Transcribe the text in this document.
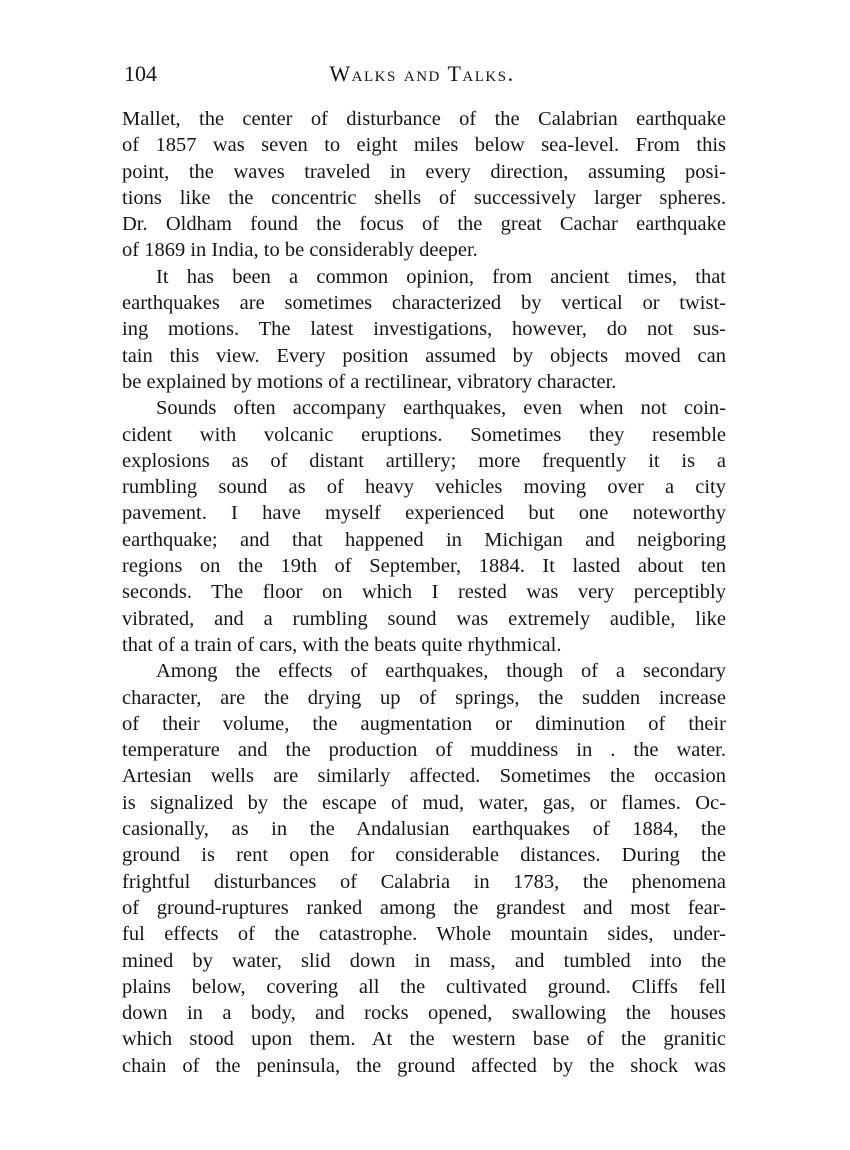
104	Walks and Talks.
Mallet, the center of disturbance of the Calabrian earthquake
of 1857 was seven to eight miles below sea-level. From this
point, the waves traveled in every direction, assuming posi-
tions like the concentric shells of successively larger spheres.
Dr. Oldham found the focus of the great Cachar earthquake
of 1869 in India, to be considerably deeper.
It has been a common opinion, from ancient times, that
earthquakes are sometimes characterized by vertical or twist-
ing motions. The latest investigations, however, do not sus-
tain this view. Every position assumed by objects moved can
be explained by motions of a rectilinear, vibratory character.
Sounds often accompany earthquakes, even when not coin-
cident with volcanic eruptions. Sometimes they resemble
explosions as of distant artillery; more frequently it is a
rumbling sound as of heavy vehicles moving over a city
pavement. I have myself experienced but one noteworthy
earthquake; and that happened in Michigan and neigboring
regions on the 19th of September, 1884. It lasted about ten
seconds. The floor on which I rested was very perceptibly
vibrated, and a rumbling sound was extremely audible, like
that of a train of cars, with the beats quite rhythmical.
Among the effects of earthquakes, though of a secondary
character, are the drying up of springs, the sudden increase
of their volume, the augmentation or diminution of their
temperature and the production of muddiness in . the water.
Artesian wells are similarly affected. Sometimes the occasion
is signalized by the escape of mud, water, gas, or flames. Oc-
casionally, as in the Andalusian earthquakes of 1884, the
ground is rent open for considerable distances. During the
frightful disturbances of Calabria in 1783, the phenomena
of ground-ruptures ranked among the grandest and most fear-
ful effects of the catastrophe. Whole mountain sides, under-
mined by water, slid down in mass, and tumbled into the
plains below, covering all the cultivated ground. Cliffs fell
down in a body, and rocks opened, swallowing the houses
which stood upon them. At the western base of the granitic
chain of the peninsula, the ground affected by the shock was
